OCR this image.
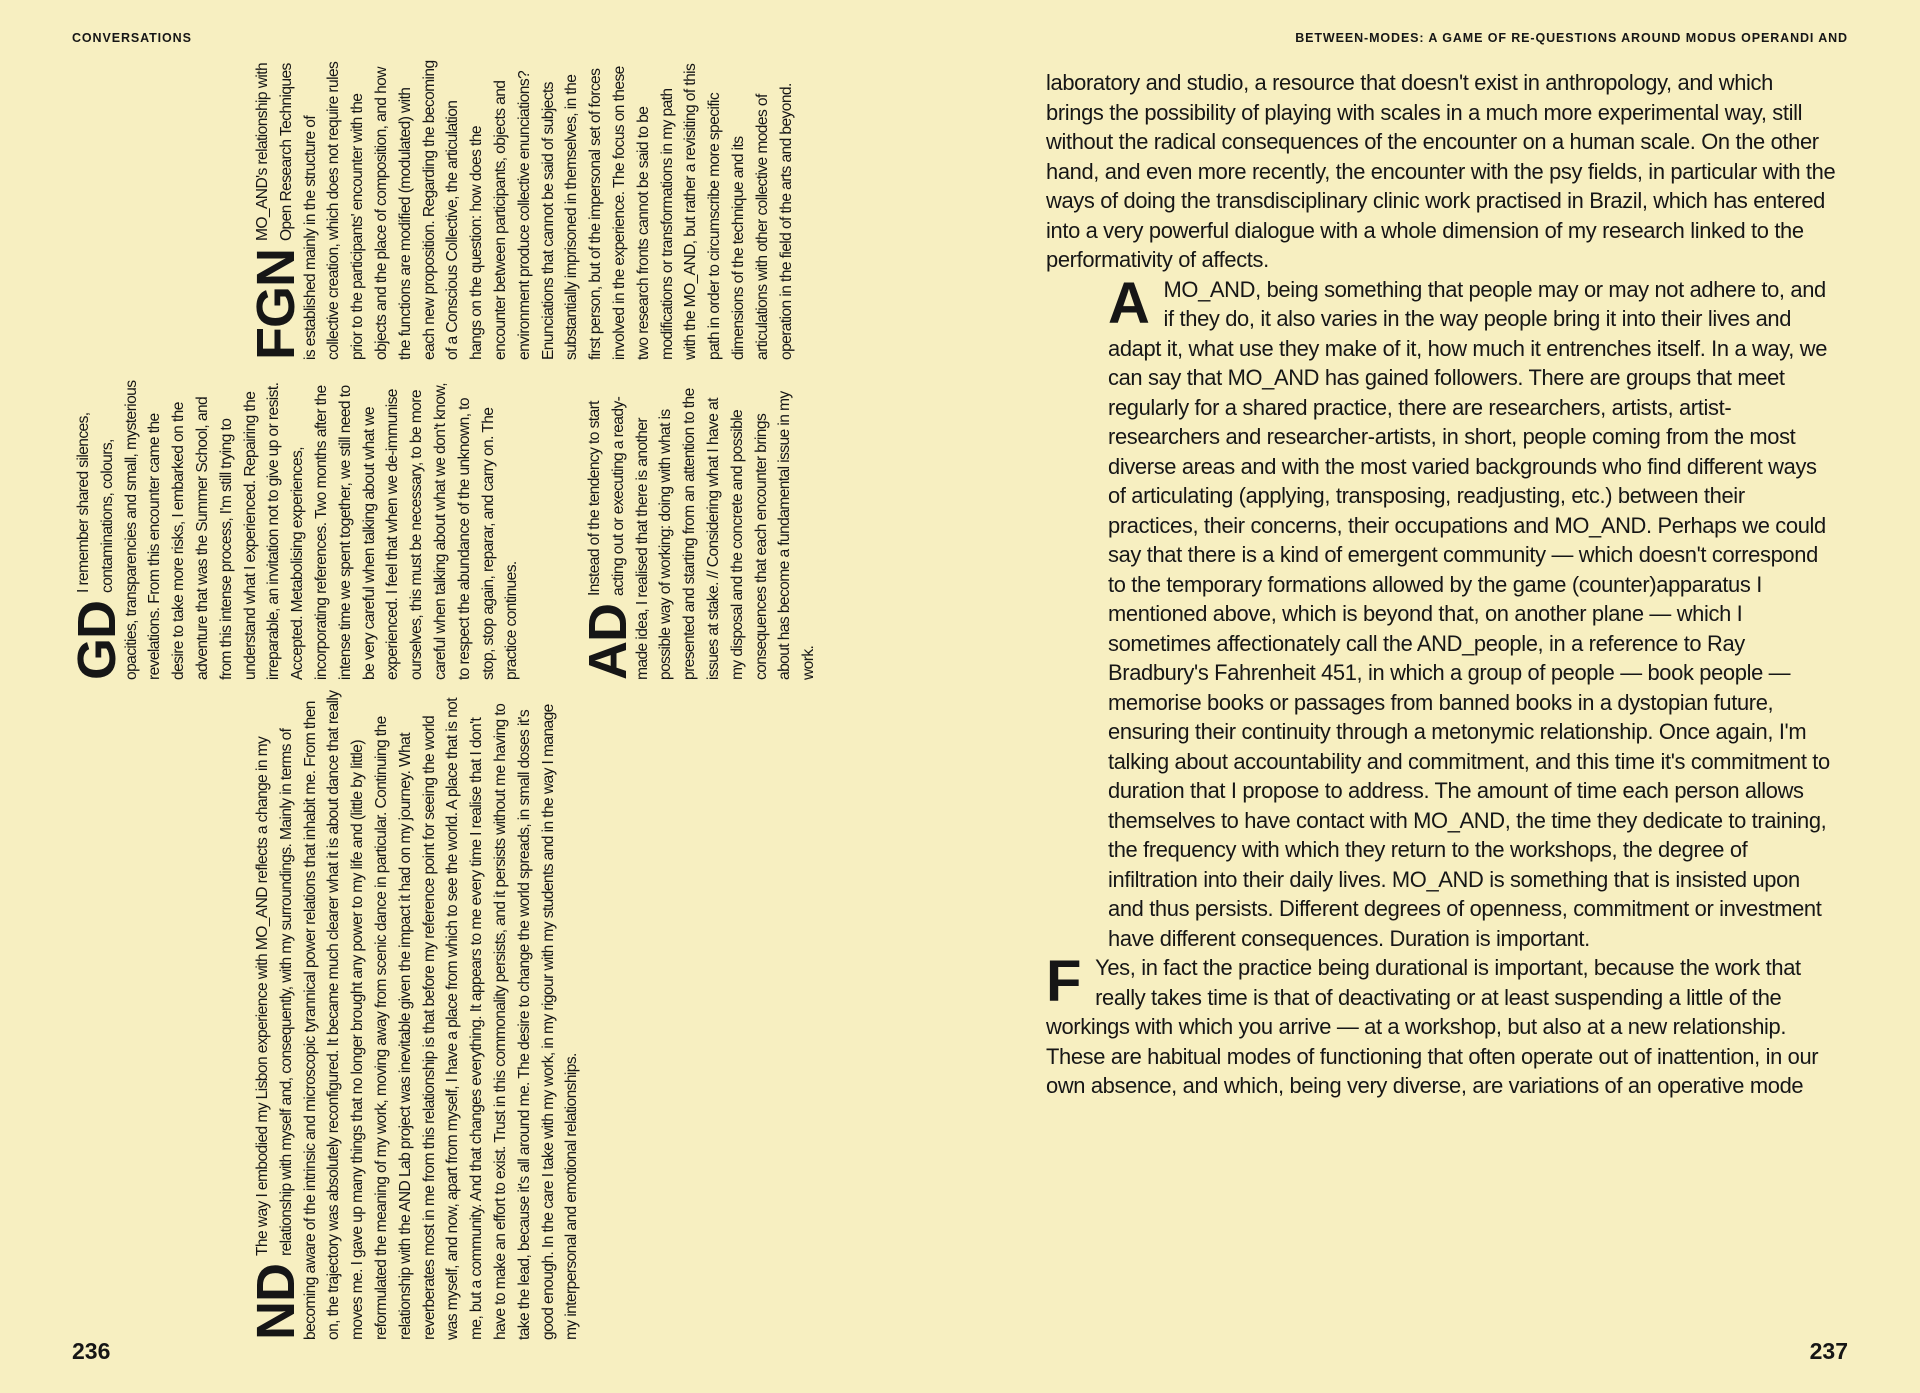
CONVERSATIONS
GD

I remember shared silences, contaminations, colours, opacities, transparencies and small, mysterious revelations. From this encounter came the desire to take more risks, I embarked on the adventure that was the Summer School, and from this intense process, I'm still trying to understand what I experienced. Repairing the irreparable, an invitation not to give up or resist. Accepted. Metabolising experiences, incorporating references. Two months after the intense time we spent together, we still need to be very careful when talking about what we experienced. I feel that when we de-immunise ourselves, this must be necessary, to be more careful when talking about what we don't know, to respect the abundance of the unknown, to stop, stop again, reparar, and carry on. The practice continues.

FGN

MO_AND's relationship with Open Research Techniques is established mainly in the structure of collective creation, which does not require rules prior to the participants' encounter with the objects and the place of composition, and how the functions are modified (modulated) with each new proposition. Regarding the becoming of a Conscious Collective, the articulation hangs on the question: how does the encounter between participants, objects and environment produce collective enunciations? Enunciations that cannot be said of subjects substantially imprisoned in themselves, in the first person, but of the impersonal set of forces involved in the experience. The focus on these two research fronts cannot be said to be modifications or transformations in my path with the MO_AND, but rather a revisiting of this path in order to circumscribe more specific dimensions of the technique and its articulations with other collective modes of operation in the field of the arts and beyond.

AD

Instead of the tendency to start acting out or executing a ready-made idea, I realised that there is another possible way of working: doing with what is presented and starting from an attention to the issues at stake. // Considering what I have at my disposal and the concrete and possible consequences that each encounter brings about has become a fundamental issue in my work.

ND

The way I embodied my Lisbon experience with MO_AND reflects a change in my relationship with myself and, consequently, with my surroundings. Mainly in terms of becoming aware of the intrinsic and microscopic tyrannical power relations that inhabit me. From then on, the trajectory was absolutely reconfigured. It became much clearer what it is about dance that really moves me. I gave up many things that no longer brought any power to my life and (little by little) reformulated the meaning of my work, moving away from scenic dance in particular. Continuing the relationship with the AND Lab project was inevitable given the impact it had on my journey. What reverberates most in me from this relationship is that before my reference point for seeing the world was myself, and now, apart from myself, I have a place from which to see the world. A place that is not me, but a community. And that changes everything. It appears to me every time I realise that I don't have to make an effort to exist. Trust in this commonality persists, and it persists without me having to take the lead, because it's all around me. The desire to change the world spreads, in small doses it's good enough. In the care I take with my work, in my rigour with my students and in the way I manage my interpersonal and emotional relationships.

236
BETWEEN-MODES: A GAME OF RE-QUESTIONS AROUND MODUS OPERANDI AND

laboratory and studio, a resource that doesn't exist in anthropology, and which brings the possibility of playing with scales in a much more experimental way, still without the radical consequences of the encounter on a human scale. On the other hand, and even more recently, the encounter with the psy fields, in particular with the ways of doing the transdisciplinary clinic work practised in Brazil, which has entered into a very powerful dialogue with a whole dimension of my research linked to the performativity of affects.

A MO_AND, being something that people may or may not adhere to, and if they do, it also varies in the way people bring it into their lives and adapt it, what use they make of it, how much it entrenches itself. In a way, we can say that MO_AND has gained followers. There are groups that meet regularly for a shared practice, there are researchers, artists, artist-researchers and researcher-artists, in short, people coming from the most diverse areas and with the most varied backgrounds who find different ways of articulating (applying, transposing, readjusting, etc.) between their practices, their concerns, their occupations and MO_AND. Perhaps we could say that there is a kind of emergent community — which doesn't correspond to the temporary formations allowed by the game (counter)apparatus I mentioned above, which is beyond that, on another plane — which I sometimes affectionately call the AND_people, in a reference to Ray Bradbury's Fahrenheit 451, in which a group of people — book people — memorise books or passages from banned books in a dystopian future, ensuring their continuity through a metonymic relationship. Once again, I'm talking about accountability and commitment, and this time it's commitment to duration that I propose to address. The amount of time each person allows themselves to have contact with MO_AND, the time they dedicate to training, the frequency with which they return to the workshops, the degree of infiltration into their daily lives. MO_AND is something that is insisted upon and thus persists. Different degrees of openness, commitment or investment have different consequences. Duration is important.

F Yes, in fact the practice being durational is important, because the work that really takes time is that of deactivating or at least suspending a little of the workings with which you arrive — at a workshop, but also at a new relationship. These are habitual modes of functioning that often operate out of inattention, in our own absence, and which, being very diverse, are variations of an operative mode

237
